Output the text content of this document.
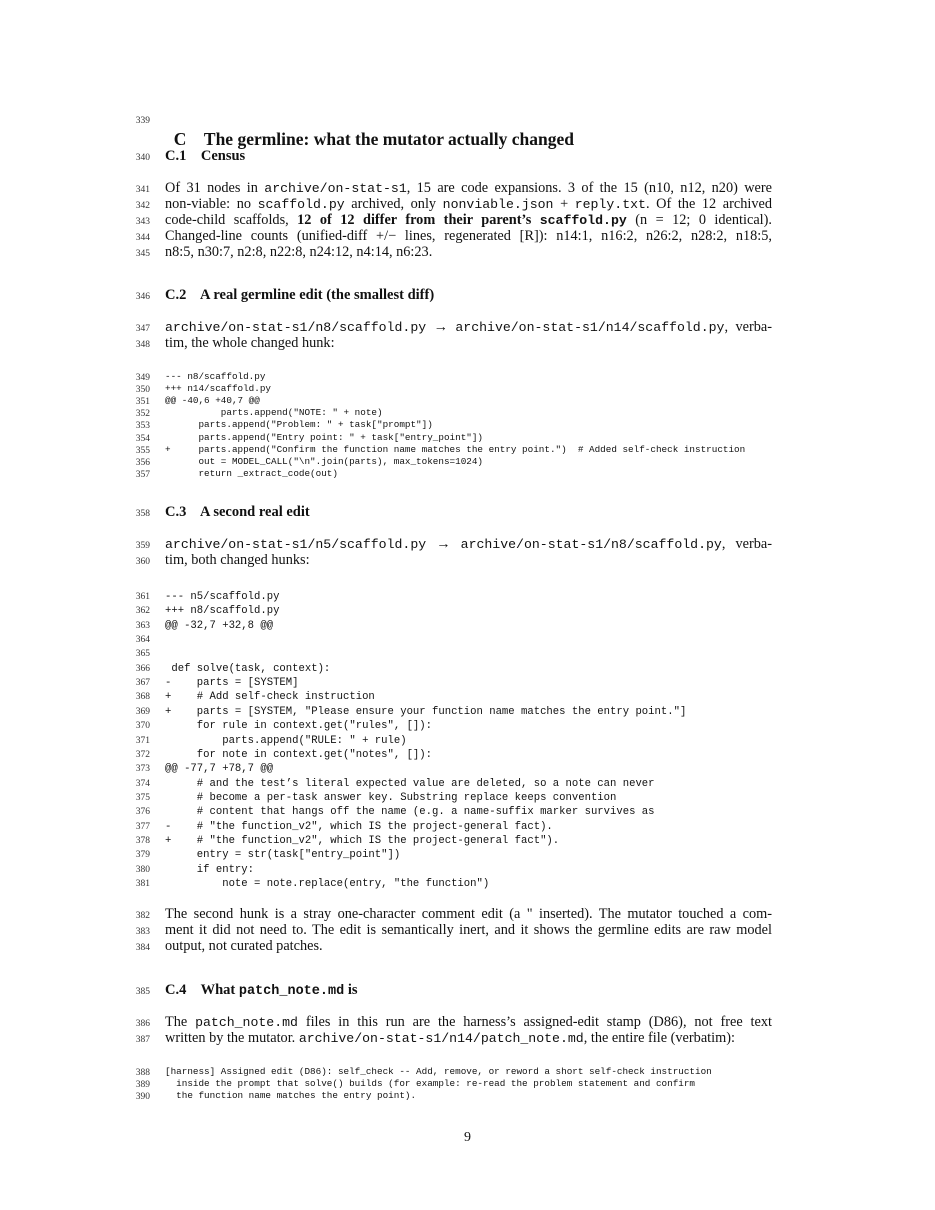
339

C The germline: what the mutator actually changed

340 C.1    Census
341 Of 31 nodes in archive/on-stat-s1, 15 are code expansions. 3 of the 15 (n10, n12, n20) were
342 non-viable: no scaffold.py archived, only nonviable.json + reply.txt. Of the 12 archived
343 code-child scaffolds, 12 of 12 differ from their parent’s scaffold.py (n = 12; 0 identical).
344 Changed-line counts (unified-diff +/− lines, regenerated [R]): n14:1, n16:2, n26:2, n28:2, n18:5,
345 n8:5, n30:7, n2:8, n22:8, n24:12, n4:14, n6:23.
346 C.2    A real germline edit (the smallest diff)
347 archive/on-stat-s1/n8/scaffold.py → archive/on-stat-s1/n14/scaffold.py, verba-
348 tim, the whole changed hunk:
349 --- n8/scaffold.py
350 +++ n14/scaffold.py
351 @@ -40,6 +40,7 @@
352 parts.append("NOTE: " + note)
353 parts.append("Problem: " + task["prompt"])
354 parts.append("Entry point: " + task["entry_point"])
355 +     parts.append("Confirm the function name matches the entry point.")  # Added self-check instruction
356 out = MODEL_CALL("\n".join(parts), max_tokens=1024)
357 return _extract_code(out)
358 C.3    A second real edit
359 archive/on-stat-s1/n5/scaffold.py → archive/on-stat-s1/n8/scaffold.py, verba-
360 tim, both changed hunks:
361 --- n5/scaffold.py
362 +++ n8/scaffold.py
363 @@ -32,7 +32,8 @@
364
365
366 def solve(task, context):
367 -    parts = [SYSTEM]
368 +    # Add self-check instruction
369 +    parts = [SYSTEM, "Please ensure your function name matches the entry point."]
370 for rule in context.get("rules", []):
371 parts.append("RULE: " + rule)
372 for note in context.get("notes", []):
373 @@ -77,7 +78,7 @@
374 # and the test’s literal expected value are deleted, so a note can never
375 # become a per-task answer key. Substring replace keeps convention
376 # content that hangs off the name (e.g. a name-suffix marker survives as
377 -    # "the function_v2", which IS the project-general fact).
378 +    # "the function_v2", which IS the project-general fact").
379 entry = str(task["entry_point"])
380 if entry:
381 note = note.replace(entry, "the function")
382 The second hunk is a stray one-character comment edit (a " inserted). The mutator touched a com-
383 ment it did not need to. The edit is semantically inert, and it shows the germline edits are raw model
384 output, not curated patches.
385 C.4    What patch_note.md is
386 The patch_note.md files in this run are the harness’s assigned-edit stamp (D86), not free text
387 written by the mutator. archive/on-stat-s1/n14/patch_note.md, the entire file (verbatim):
388 [harness] Assigned edit (D86): self_check -- Add, remove, or reword a short self-check instruction
389 inside the prompt that solve() builds (for example: re-read the problem statement and confirm
390 the function name matches the entry point).
9
